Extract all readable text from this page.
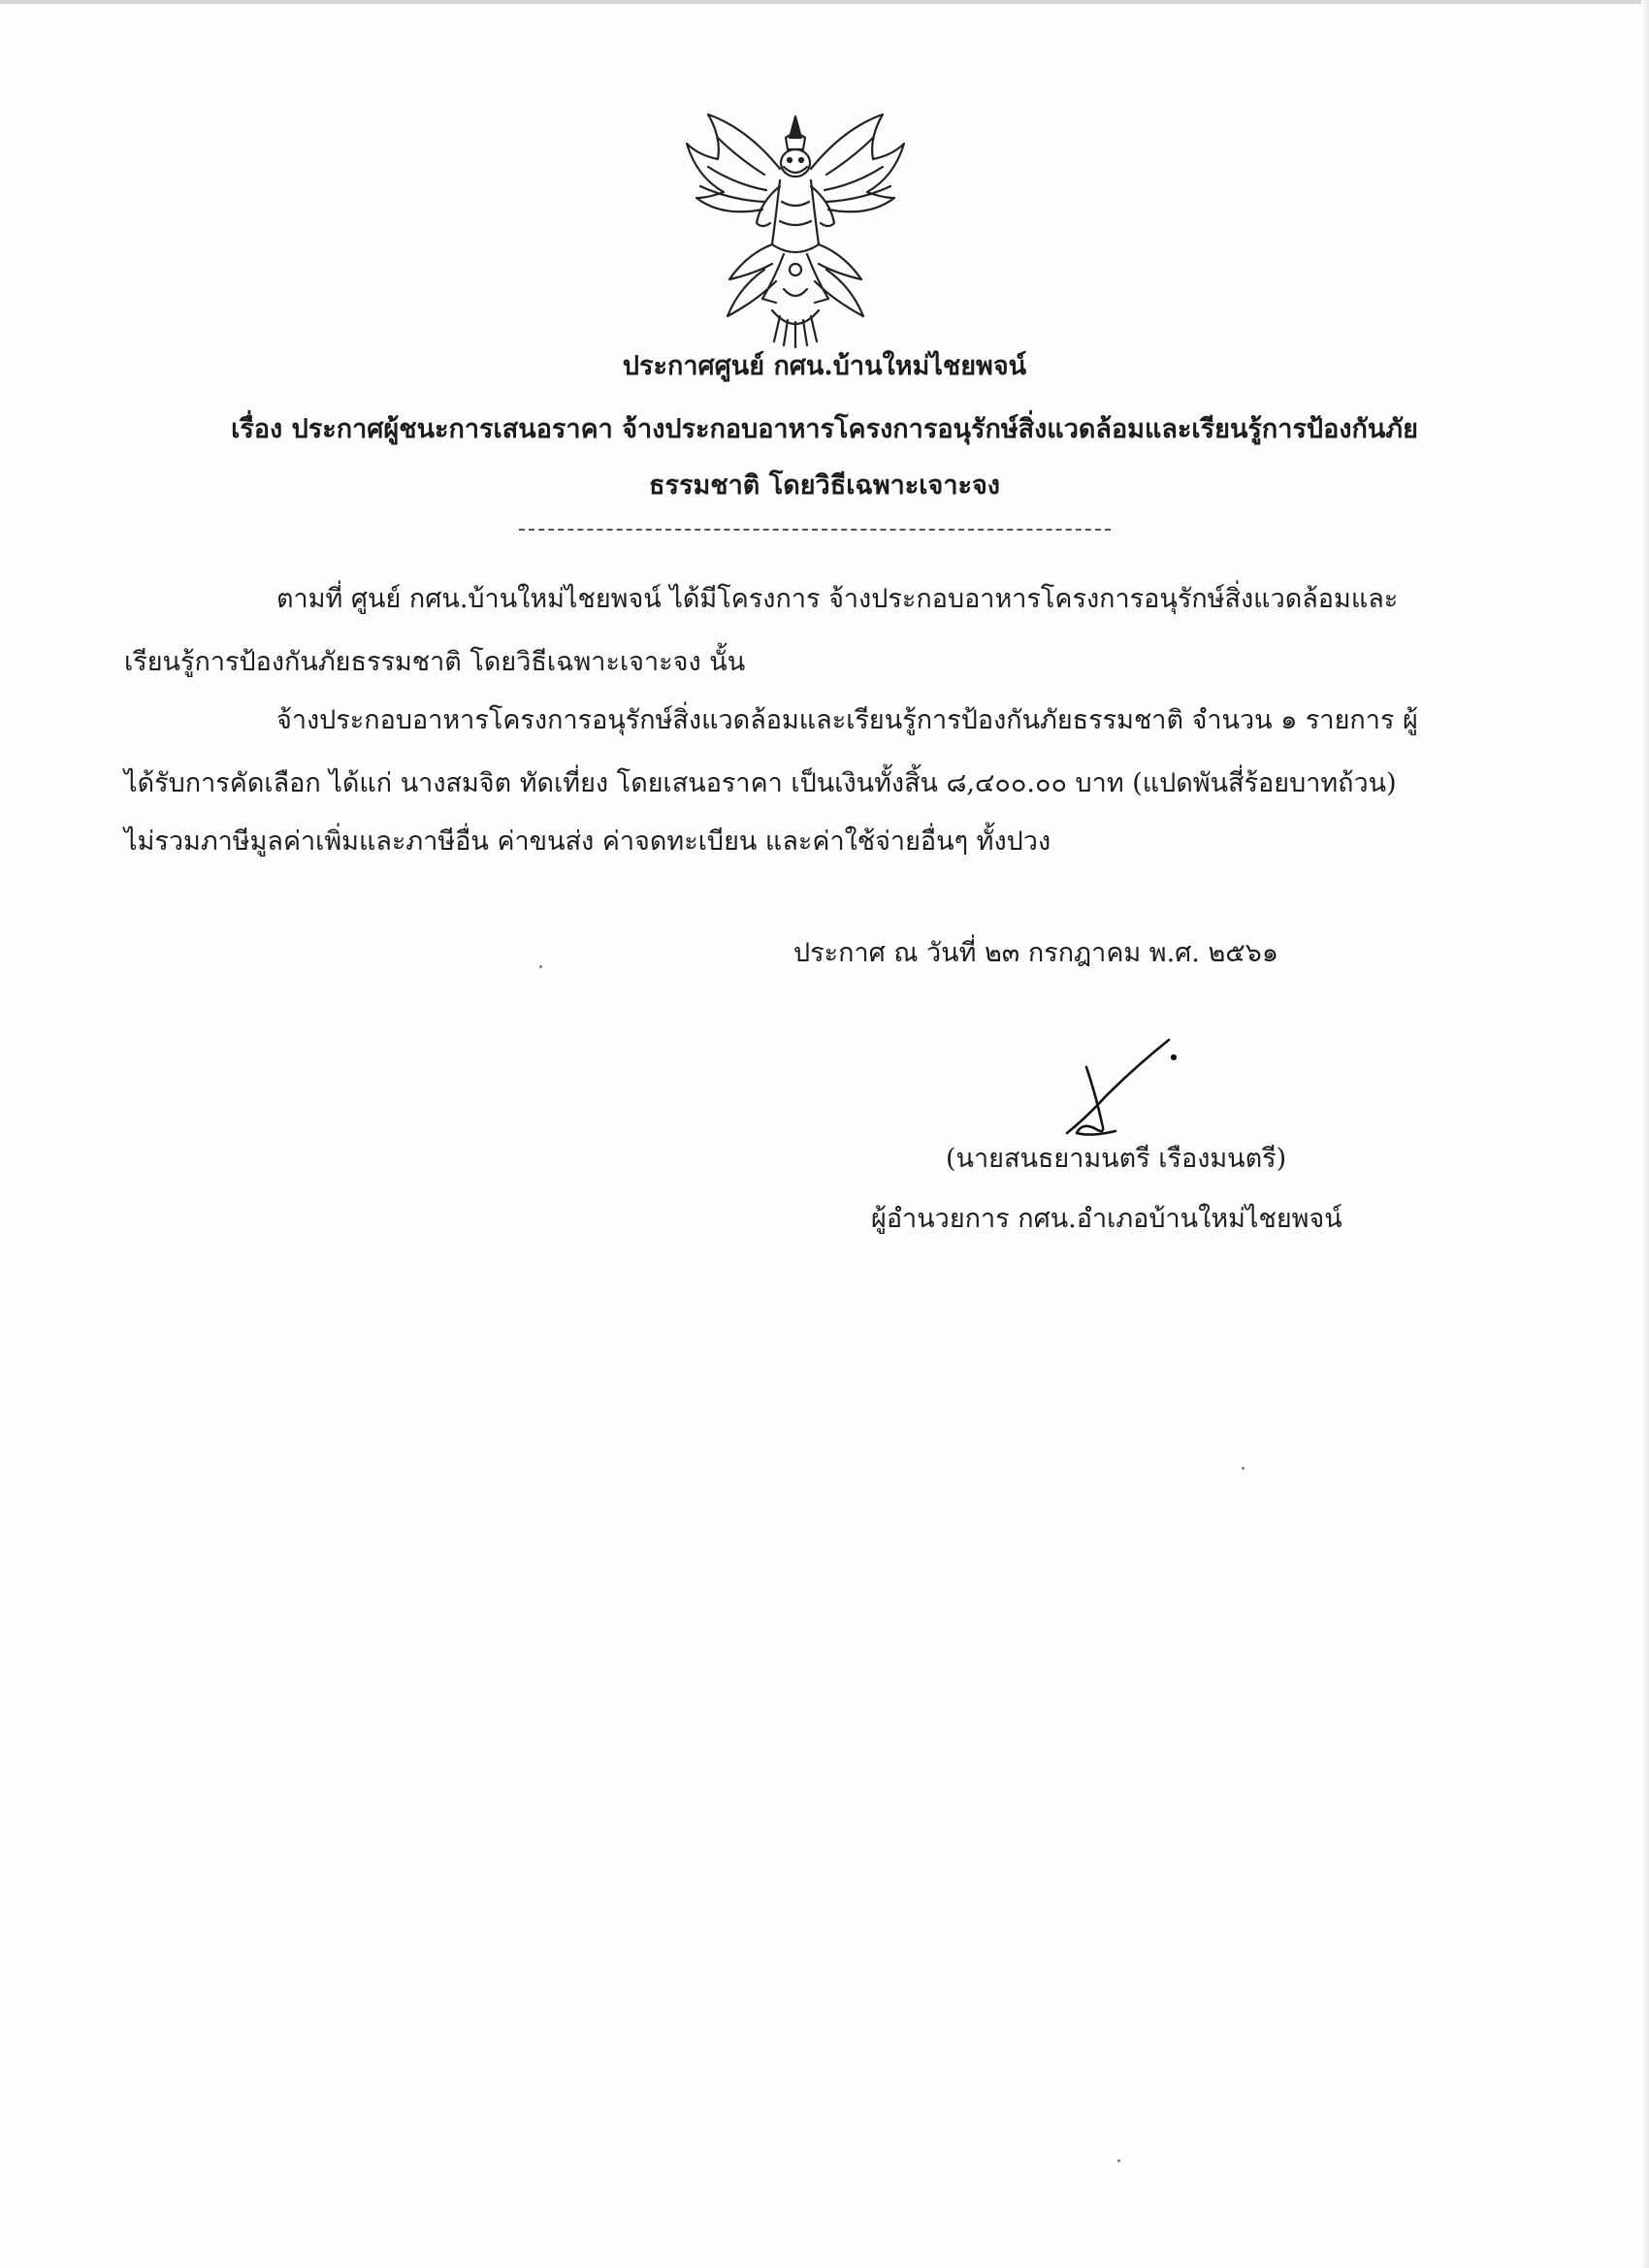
ประกาศศูนย์ กศน.บ้านใหม่ไชยพจน์

เรื่อง ประกาศผู้ชนะการเสนอราคา จ้างประกอบอาหารโครงการอนุรักษ์สิ่งแวดล้อมและเรียนรู้การป้องกันภัย

ธรรมชาติ โดยวิธีเฉพาะเจาะจง

ตามที่ ศูนย์ กศน.บ้านใหม่ไชยพจน์ ได้มีโครงการ จ้างประกอบอาหารโครงการอนุรักษ์สิ่งแวดล้อมและ

เรียนรู้การป้องกันภัยธรรมชาติ โดยวิธีเฉพาะเจาะจง นั้น

จ้างประกอบอาหารโครงการอนุรักษ์สิ่งแวดล้อมและเรียนรู้การป้องกันภัยธรรมชาติ จำนวน ๑ รายการ ผู้

ได้รับการคัดเลือก ได้แก่ นางสมจิต ทัดเที่ยง โดยเสนอราคา เป็นเงินทั้งสิ้น ๘,๔๐๐.๐๐ บาท (แปดพันสี่ร้อยบาทถ้วน)

ไม่รวมภาษีมูลค่าเพิ่มและภาษีอื่น ค่าขนส่ง ค่าจดทะเบียน และค่าใช้จ่ายอื่นๆ ทั้งปวง

ประกาศ ณ วันที่ ๒๓ กรกฎาคม พ.ศ. ๒๕๖๑

(นายสนธยามนตรี เรืองมนตรี)

ผู้อำนวยการ กศน.อำเภอบ้านใหม่ไชยพจน์
